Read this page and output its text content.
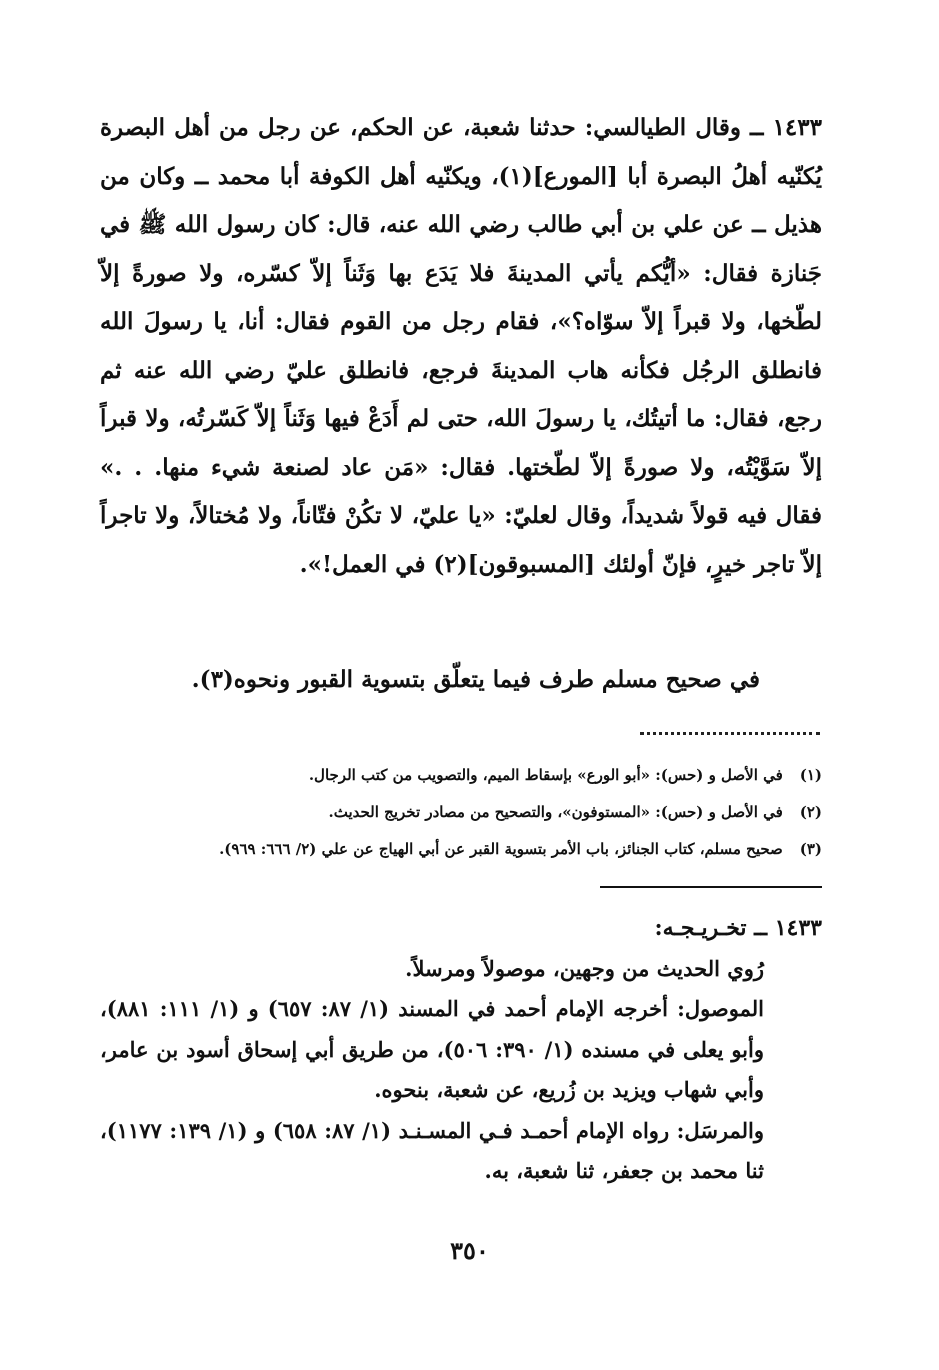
١٤٣٣ ــ وقال الطيالسي: حدثنا شعبة، عن الحكم، عن رجل من أهل البصرة يُكنّيه أهلُ البصرة أبا [المورع](١)، ويكنّيه أهل الكوفة أبا محمد ــ وكان من هذيل ــ عن علي بن أبي طالب رضي الله عنه، قال: كان رسول الله ﷺ في جَنازة فقال: «أيُّكم يأتي المدينةَ فلا يَدَع بها وَثَناً إلاّ كسّره، ولا صورةً إلاّ لطّخها، ولا قبراً إلاّ سوّاه؟»، فقام رجل من القوم فقال: أنا، يا رسولَ الله فانطلق الرجُل فكأنه هاب المدينةَ فرجع، فانطلق عليّ رضي الله عنه ثم رجع، فقال: ما أتيتُك، يا رسولَ الله، حتى لم أَدَعْ فيها وَثَناً إلاّ كَسّرتُه، ولا قبراً إلاّ سَوَّيْتُه، ولا صورةً إلاّ لطّختها. فقال: «مَن عاد لصنعة شيء منها. . .» فقال فيه قولاً شديداً، وقال لعليّ: «يا عليّ، لا تكُنْ فتّاناً، ولا مُختالاً، ولا تاجراً إلاّ تاجر خيرٍ، فإنّ أولئك [المسبوقون](٢) في العمل!».

في صحيح مسلم طرف فيما يتعلّق بتسوية القبور ونحوه(٣).

(١) في الأصل و (حس): «أبو الورع» بإسقاط الميم، والتصويب من كتب الرجال.

(٢) في الأصل و (حس): «المستوفون»، والتصحيح من مصادر تخريج الحديث.

(٣) صحيح مسلم، كتاب الجنائز، باب الأمر بتسوية القبر عن أبي الهياج عن علي (٢/ ٦٦٦: ٩٦٩).

١٤٣٣ ــ تخـريـجـه:

رُوي الحديث من وجهين، موصولاً ومرسلاً.

الموصول: أخرجه الإمام أحمد في المسند (١/ ٨٧: ٦٥٧) و (١/ ١١١: ٨٨١)، وأبو يعلى في مسنده (١/ ٣٩٠: ٥٠٦)، من طريق أبي إسحاق أسود بن عامر، وأبي شهاب ويزيد بن زُريع، عن شعبة، بنحوه.

والمرسَل: رواه الإمام أحمـد فـي المسـنـد (١/ ٨٧: ٦٥٨) و (١/ ١٣٩: ١١٧٧)، ثنا محمد بن جعفر، ثنا شعبة، به.

٣٥٠
